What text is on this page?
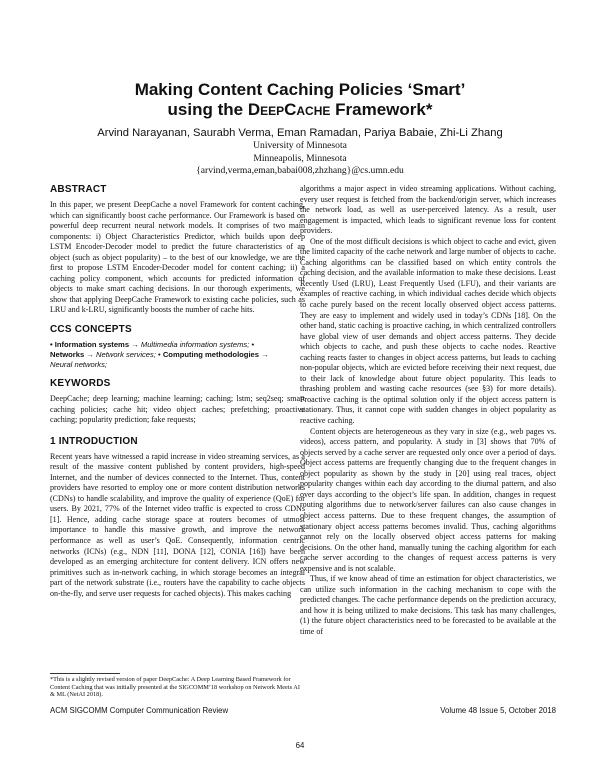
Making Content Caching Policies ‘Smart’
using the DeepCache Framework*
Arvind Narayanan, Saurabh Verma, Eman Ramadan, Pariya Babaie, Zhi-Li Zhang
University of Minnesota
Minneapolis, Minnesota
{arvind,verma,eman,babai008,zhzhang}@cs.umn.edu
ABSTRACT

In this paper, we present DeepCache a novel Framework for content caching, which can significantly boost cache performance. Our Framework is based on powerful deep recurrent neural network models. It comprises of two main components: i) Object Characteristics Predictor, which builds upon deep LSTM Encoder-Decoder model to predict the future characteristics of an object (such as object popularity) – to the best of our knowledge, we are the first to propose LSTM Encoder-Decoder model for content caching; ii) a caching policy component, which accounts for predicted information of objects to make smart caching decisions. In our thorough experiments, we show that applying DeepCache Framework to existing cache policies, such as LRU and k-LRU, significantly boosts the number of cache hits.

CCS CONCEPTS
• Information systems → Multimedia information systems; •
Networks → Network services; • Computing methodologies →
Neural networks;
KEYWORDS

DeepCache; deep learning; machine learning; caching; lstm; seq2seq; smart caching policies; cache hit; video object caches; prefetching; proactive caching; popularity prediction; fake requests;

1 INTRODUCTION

Recent years have witnessed a rapid increase in video streaming services, as a result of the massive content published by content providers, high-speed Internet, and the number of devices connected to the Internet. Thus, content providers have resorted to employ one or more content distribution networks (CDNs) to handle scalability, and improve the quality of experience (QoE) for users. By 2021, 77% of the Internet video traffic is expected to cross CDNs [1]. Hence, adding cache storage space at routers becomes of utmost importance to handle this massive growth, and improve the network performance as well as user’s QoE. Consequently, information centric networks (ICNs) (e.g., NDN [11], DONA [12], CONIA [16]) have been developed as an emerging architecture for content delivery. ICN offers new primitives such as in-network caching, in which storage becomes an integral part of the network substrate (i.e., routers have the capability to cache objects on-the-fly, and serve user requests for cached objects). This makes caching

algorithms a major aspect in video streaming applications. Without caching, every user request is fetched from the backend/origin server, which increases the network load, as well as user-perceived latency. As a result, user engagement is impacted, which leads to significant revenue loss for content providers.

One of the most difficult decisions is which object to cache and evict, given the limited capacity of the cache network and large number of objects to cache. Caching algorithms can be classified based on which entity controls the caching decision, and the available information to make these decisions. Least Recently Used (LRU), Least Frequently Used (LFU), and their variants are examples of reactive caching, in which individual caches decide which objects to cache purely based on the recent locally observed object access patterns. They are easy to implement and widely used in today’s CDNs [18]. On the other hand, static caching is proactive caching, in which centralized controllers have global view of user demands and object access patterns. They decide which objects to cache, and push these objects to cache nodes. Reactive caching reacts faster to changes in object access patterns, but leads to caching non-popular objects, which are evicted before receiving their next request, due to their lack of knowledge about future object popularity. This leads to thrashing problem and wasting cache resources (see §3) for more details). Proactive caching is the optimal solution only if the object access pattern is stationary. Thus, it cannot cope with sudden changes in object popularity as reactive caching.

Content objects are heterogeneous as they vary in size (e.g., web pages vs. videos), access pattern, and popularity. A study in [3] shows that 70% of objects served by a cache server are requested only once over a period of days. Object access patterns are frequently changing due to the frequent changes in object popularity as shown by the study in [20] using real traces, object popularity changes within each day according to the diurnal pattern, and also over days according to the object’s life span. In addition, changes in request routing algorithms due to network/server failures can also cause changes in object access patterns. Due to these frequent changes, the assumption of stationary object access patterns becomes invalid. Thus, caching algorithms cannot rely on the locally observed object access patterns for making decisions. On the other hand, manually tuning the caching algorithm for each cache server according to the changes of request access patterns is very expensive and is not scalable.

Thus, if we know ahead of time an estimation for object characteristics, we can utilize such information in the caching mechanism to cope with the predicted changes. The cache performance depends on the prediction accuracy, and how it is being utilized to make decisions. This task has many challenges, (1) the future object characteristics need to be forecasted to be available at the time of

*This is a slightly revised version of paper DeepCache: A Deep Learning Based Framework for Content Caching that was initially presented at the SIGCOMM’18 workshop on Network Meets AI & ML (NetAI 2018).
ACM SIGCOMM Computer Communication Review	Volume 48 Issue 5, October 2018
64
